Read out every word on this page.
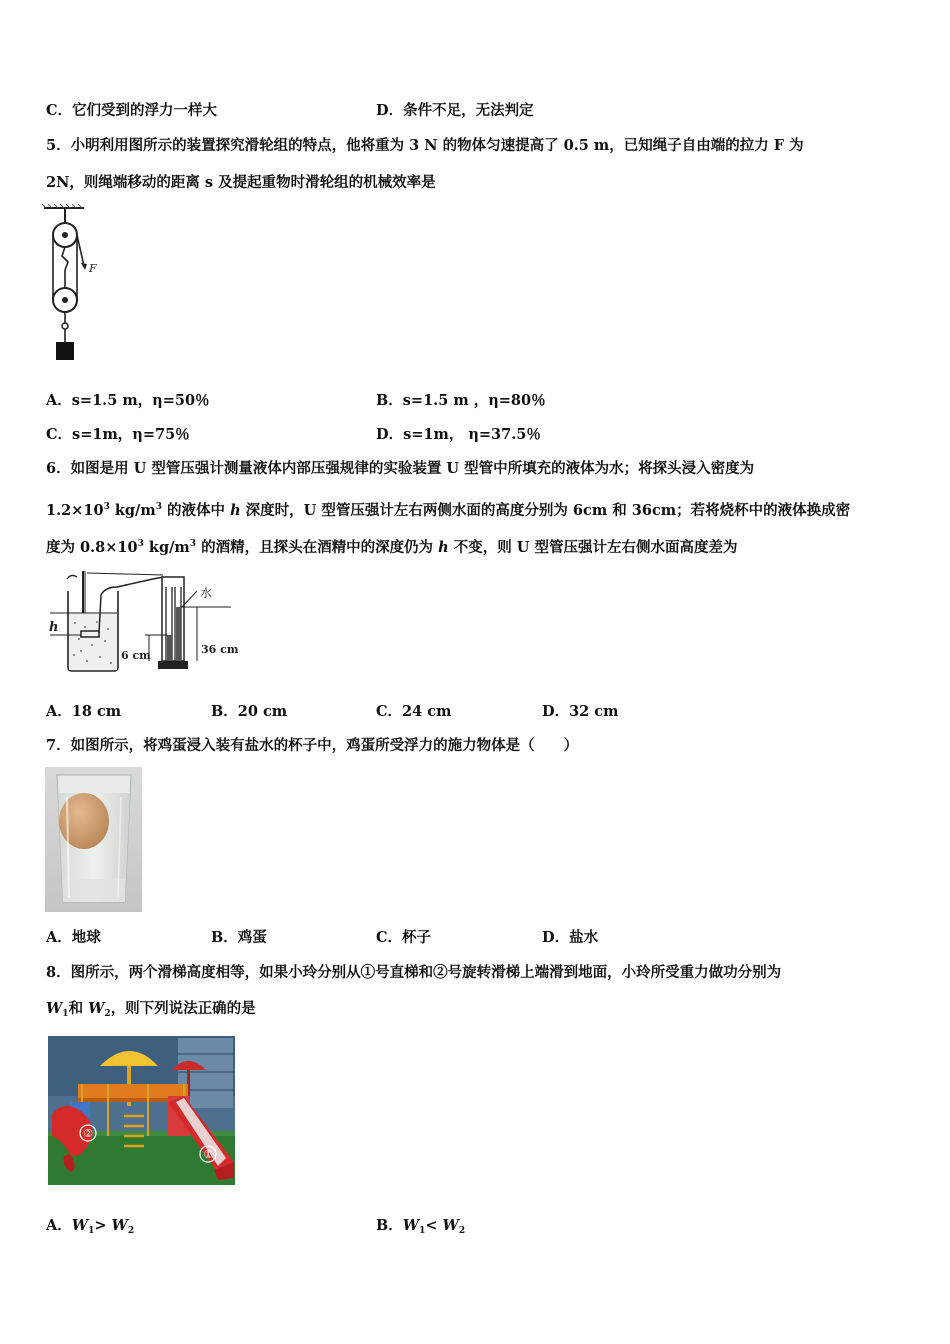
C．它们受到的浮力一样大	D．条件不足，无法判定
5．小明利用图所示的装置探究滑轮组的特点，他将重为 3 N 的物体匀速提高了 0.5 m，已知绳子自由端的拉力 F 为
2N，则绳端移动的距离 s 及提起重物时滑轮组的机械效率是
F
A．s=1.5 m，η=50％	B．s=1.5 m ，η=80％
C．s=1m，η=75％	D．s=1m， η=37.5％
6．如图是用 U 型管压强计测量液体内部压强规律的实验装置 U 型管中所填充的液体为水；将探头浸入密度为
$1.2\times 10^3$ $kg/m^3$ 的液体中 h 深度时，U 型管压强计左右两侧水面的高度分别为 6cm 和 36cm；若将烧杯中的液体换成密
度为 $0.8\times 10^3$ $kg/m^3$ 的酒精，且探头在酒精中的深度仍为 h 不变，则 U 型管压强计左右侧水面高度差为
h
水
6 cm	36 cm
A．18 cm	B．20 cm	C．24 cm	D．32 cm
7．如图所示，将鸡蛋浸入装有盐水的杯子中，鸡蛋所受浮力的施力物体是（　　）
A．地球	B．鸡蛋	C．杯子	D．盐水
8．图所示，两个滑梯高度相等，如果小玲分别从①号直梯和②号旋转滑梯上端滑到地面，小玲所受重力做功分别为
$W_1$和 $W_2$，则下列说法正确的是
②
①
A．$W_1> W_2$	B．$W_1< W_2$
